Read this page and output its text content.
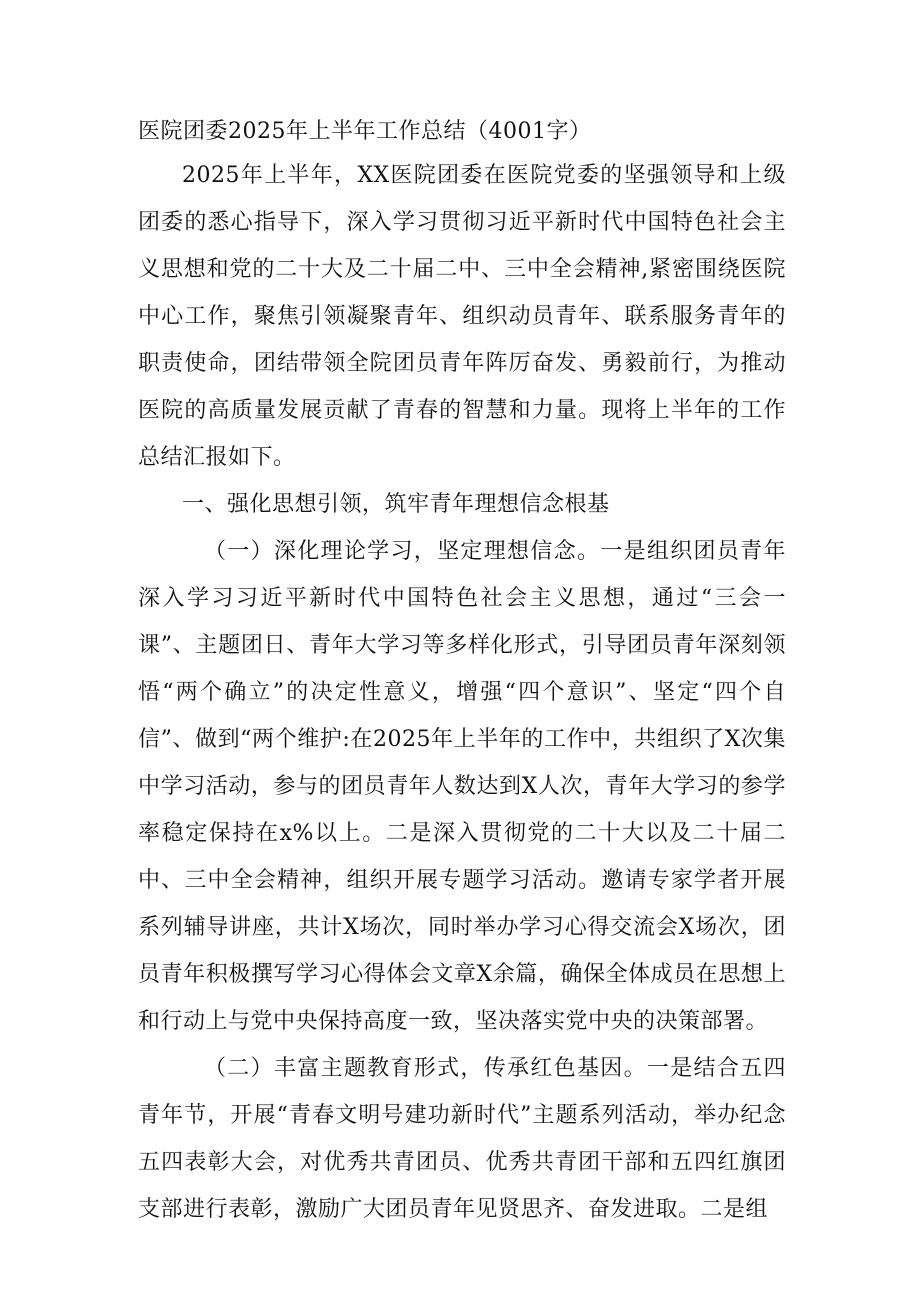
医院团委2025年上半年工作总结（4001字）

2025年上半年，XX医院团委在医院党委的坚强领导和上级团委的悉心指导下，深入学习贯彻习近平新时代中国特色社会主义思想和党的二十大及二十届二中、三中全会精神,紧密围绕医院中心工作，聚焦引领凝聚青年、组织动员青年、联系服务青年的职责使命，团结带领全院团员青年阵厉奋发、勇毅前行，为推动医院的高质量发展贡献了青春的智慧和力量。现将上半年的工作总结汇报如下。

一、强化思想引领，筑牢青年理想信念根基

（一）深化理论学习，坚定理想信念。一是组织团员青年深入学习习近平新时代中国特色社会主义思想，通过“三会一课”、主题团日、青年大学习等多样化形式，引导团员青年深刻领悟“两个确立”的决定性意义，增强“四个意识”、坚定“四个自信”、做到“两个维护:在2025年上半年的工作中，共组织了X次集中学习活动，参与的团员青年人数达到X人次，青年大学习的参学率稳定保持在x%以上。二是深入贯彻党的二十大以及二十届二中、三中全会精神，组织开展专题学习活动。邀请专家学者开展系列辅导讲座，共计X场次，同时举办学习心得交流会X场次，团员青年积极撰写学习心得体会文章X余篇，确保全体成员在思想上和行动上与党中央保持高度一致，坚决落实党中央的决策部署。

（二）丰富主题教育形式，传承红色基因。一是结合五四青年节，开展“青春文明号建功新时代”主题系列活动，举办纪念五四表彰大会，对优秀共青团员、优秀共青团干部和五四红旗团支部进行表彰，激励广大团员青年见贤思齐、奋发进取。二是组
